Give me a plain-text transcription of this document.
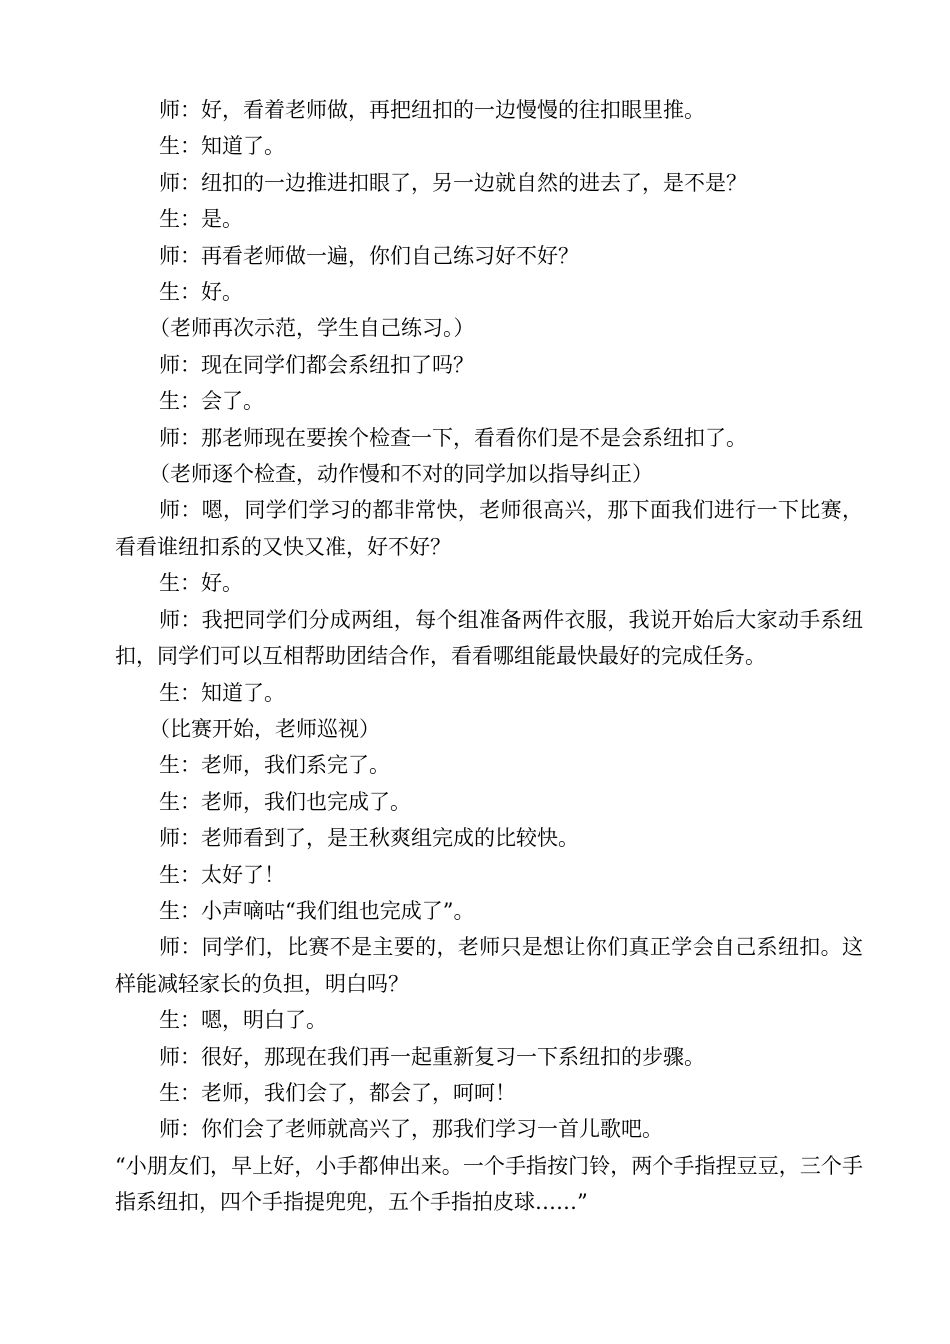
师：好，看着老师做，再把纽扣的一边慢慢的往扣眼里推。

生：知道了。

师：纽扣的一边推进扣眼了，另一边就自然的进去了，是不是？

生：是。

师：再看老师做一遍，你们自己练习好不好？

生：好。

（老师再次示范，学生自己练习。）

师：现在同学们都会系纽扣了吗？

生：会了。

师：那老师现在要挨个检查一下，看看你们是不是会系纽扣了。

（老师逐个检查，动作慢和不对的同学加以指导纠正）

师：嗯，同学们学习的都非常快，老师很高兴，那下面我们进行一下比赛，看看谁纽扣系的又快又准，好不好？

生：好。

师：我把同学们分成两组，每个组准备两件衣服，我说开始后大家动手系纽扣，同学们可以互相帮助团结合作，看看哪组能最快最好的完成任务。

生：知道了。

（比赛开始，老师巡视）

生：老师，我们系完了。

生：老师，我们也完成了。

师：老师看到了，是王秋爽组完成的比较快。

生：太好了！

生：小声嘀咕“我们组也完成了”。

师：同学们，比赛不是主要的，老师只是想让你们真正学会自己系纽扣。这样能减轻家长的负担，明白吗？

生：嗯，明白了。

师：很好，那现在我们再一起重新复习一下系纽扣的步骤。

生：老师，我们会了，都会了，呵呵！

师：你们会了老师就高兴了，那我们学习一首儿歌吧。

“小朋友们，早上好，小手都伸出来。一个手指按门铃，两个手指捏豆豆，三个手指系纽扣，四个手指提兜兜，五个手指拍皮球……”
